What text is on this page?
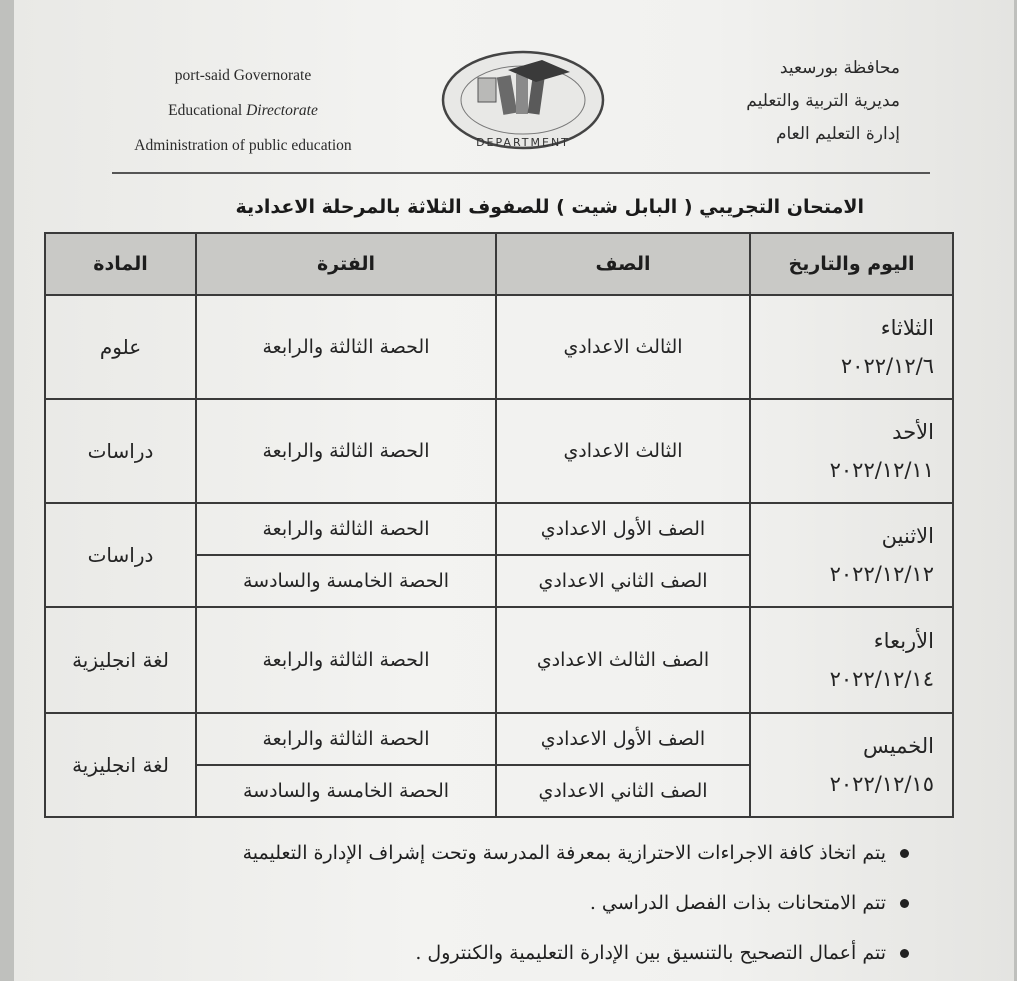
محافظة بورسعيد
مديرية التربية والتعليم
إدارة التعليم العام
port-said Governorate
Educational Directorate
Administration of public education	DEPARTMENT
الامتحان التجريبي ( البابل شيت ) للصفوف الثلاثة بالمرحلة الاعدادية
اليوم والتاريخ	الصف	الفترة	المادة

الثلاثاء
٢٠٢٢/١٢/٦	الثالث الاعدادي	الحصة الثالثة والرابعة	علوم

الأحد
٢٠٢٢/١٢/١١	الثالث الاعدادي	الحصة الثالثة والرابعة	دراسات

الاثنين
٢٠٢٢/١٢/١٢	الصف الأول الاعدادي	الحصة الثالثة والرابعة	دراسات
	الصف الثاني الاعدادي	الحصة الخامسة والسادسة	

الأربعاء
٢٠٢٢/١٢/١٤	الصف الثالث الاعدادي	الحصة الثالثة والرابعة	لغة انجليزية

الخميس
٢٠٢٢/١٢/١٥	الصف الأول الاعدادي	الحصة الثالثة والرابعة	لغة انجليزية
	الصف الثاني الاعدادي	الحصة الخامسة والسادسة	
يتم اتخاذ كافة الاجراءات الاحترازية بمعرفة المدرسة وتحت إشراف الإدارة التعليمية
تتم الامتحانات بذات الفصل الدراسي .
تتم أعمال التصحيح بالتنسيق بين الإدارة التعليمية والكنترول .
